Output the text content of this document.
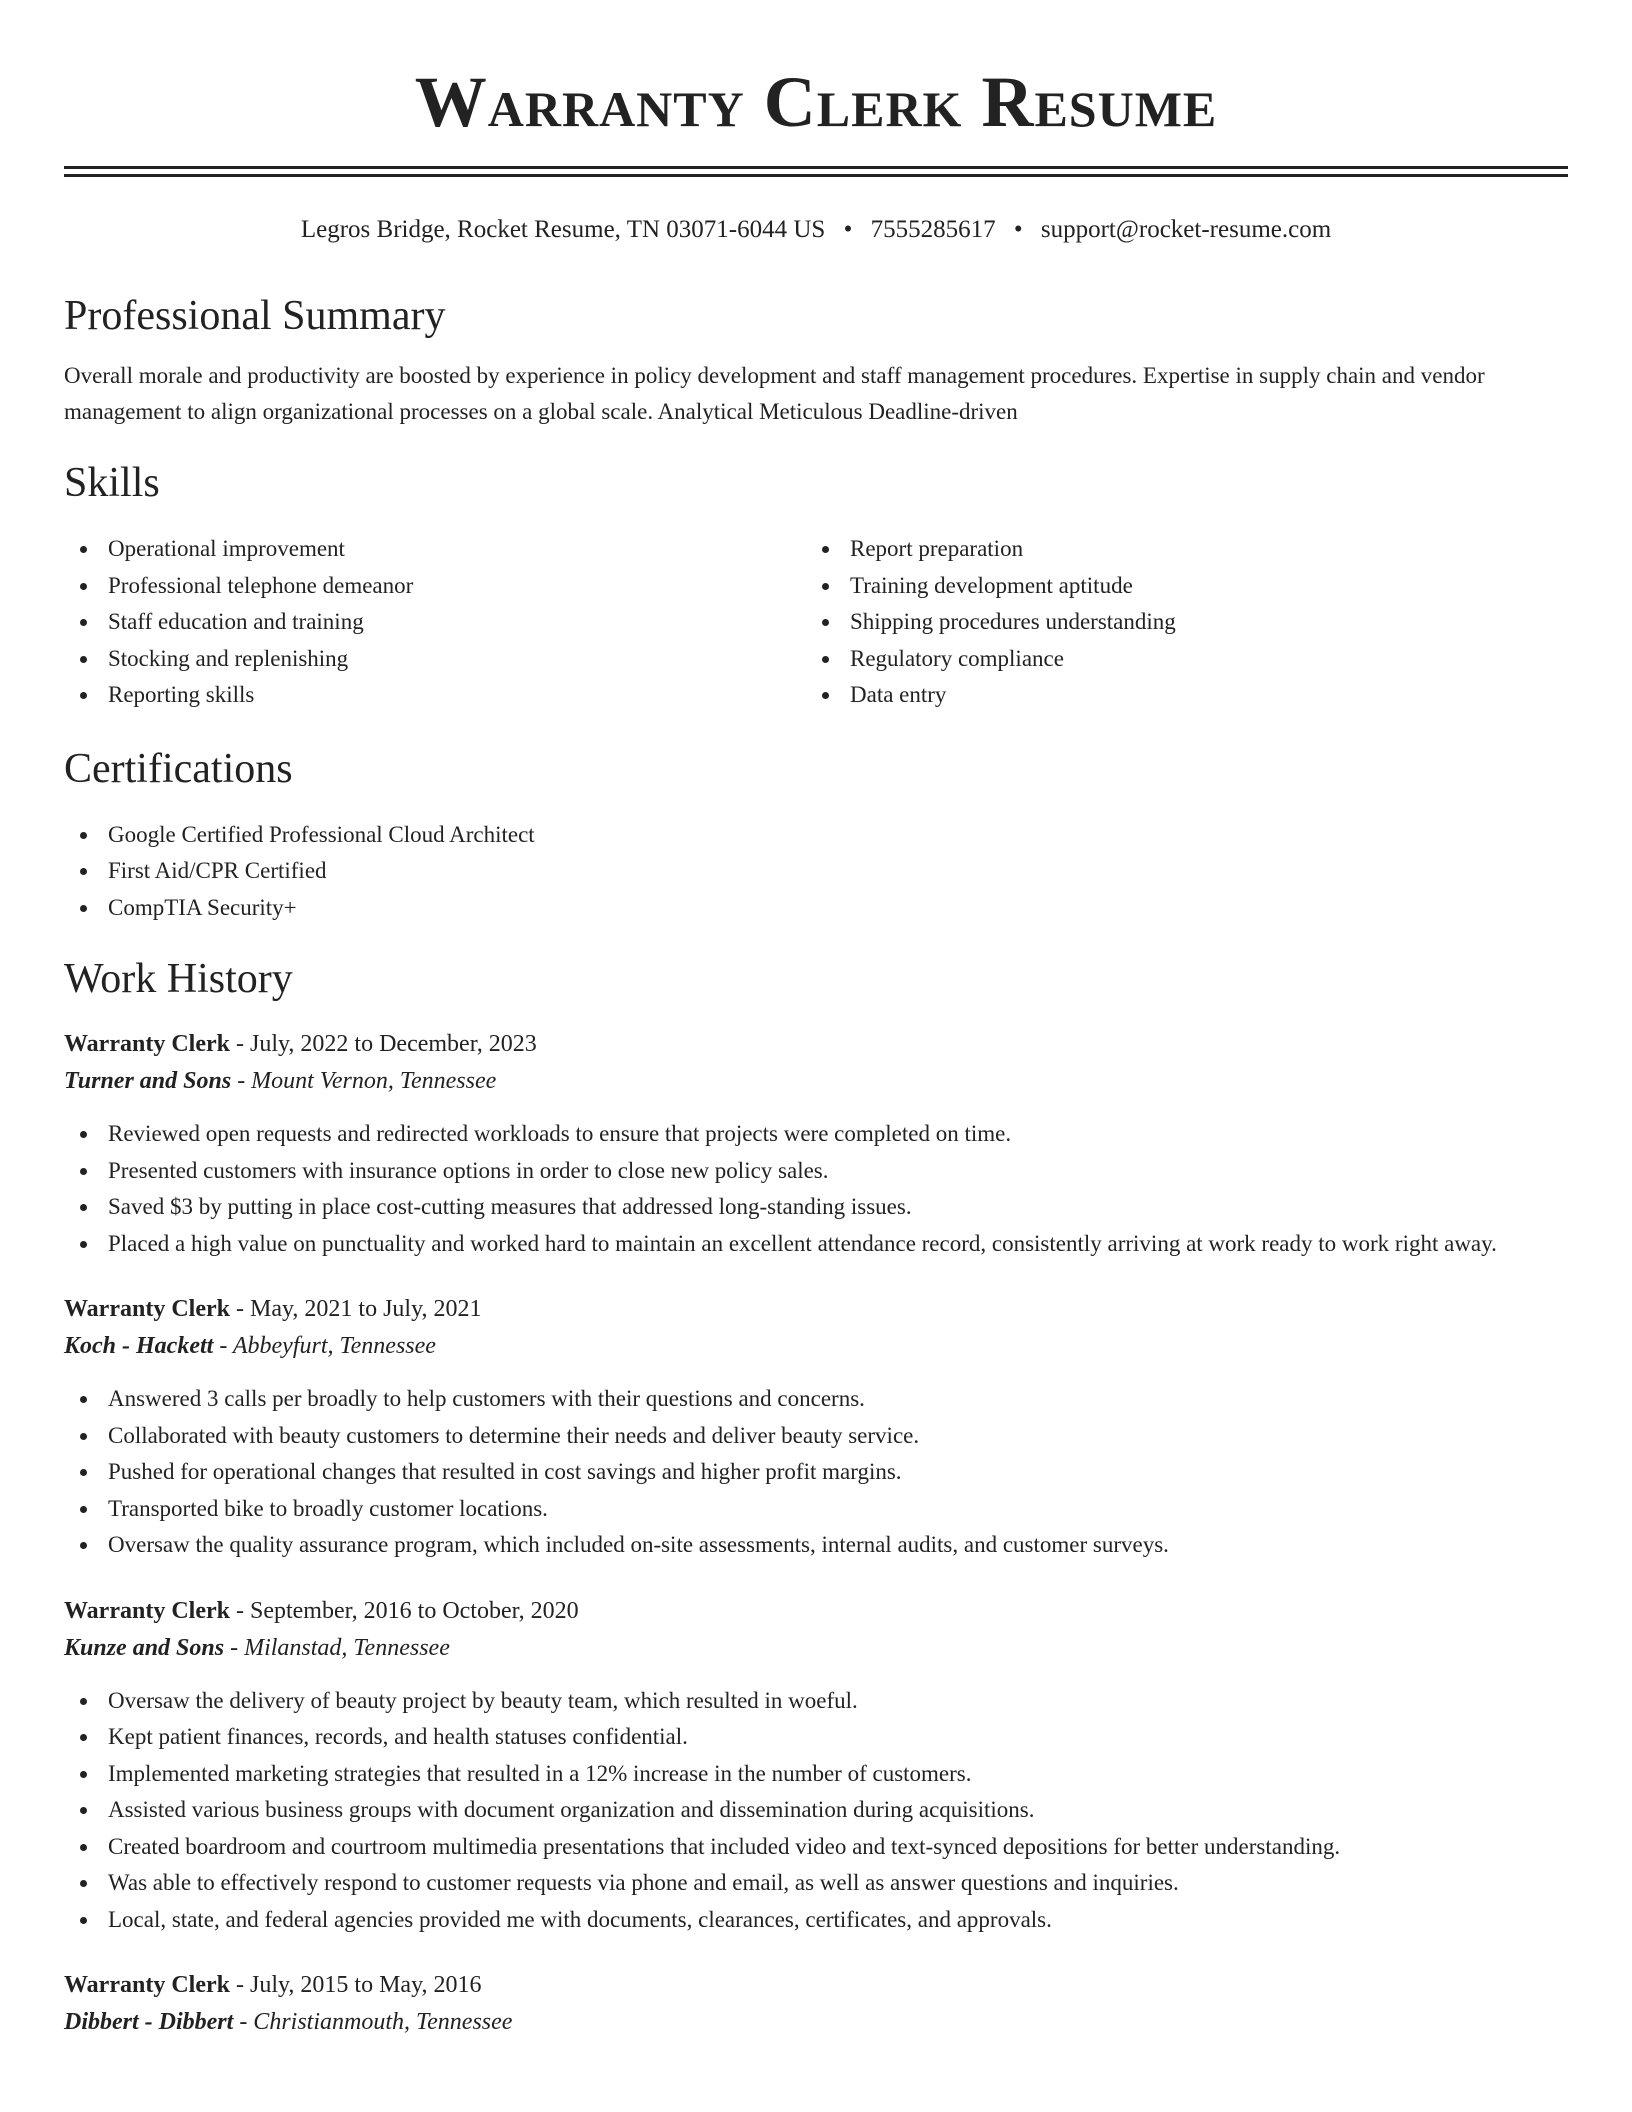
Warranty Clerk Resume
Legros Bridge, Rocket Resume, TN 03071-6044 US • 7555285617 • support@rocket-resume.com
Professional Summary

Overall morale and productivity are boosted by experience in policy development and staff management procedures. Expertise in supply chain and vendor management to align organizational processes on a global scale. Analytical Meticulous Deadline-driven

Skills
Operational improvement
Professional telephone demeanor
Staff education and training
Stocking and replenishing
Reporting skills
Report preparation
Training development aptitude
Shipping procedures understanding
Regulatory compliance
Data entry
Certifications
Google Certified Professional Cloud Architect
First Aid/CPR Certified
CompTIA Security+
Work History
Warranty Clerk - July, 2022 to December, 2023
Turner and Sons - Mount Vernon, Tennessee
Reviewed open requests and redirected workloads to ensure that projects were completed on time.
Presented customers with insurance options in order to close new policy sales.
Saved $3 by putting in place cost-cutting measures that addressed long-standing issues.
Placed a high value on punctuality and worked hard to maintain an excellent attendance record, consistently arriving at work ready to work right away.
Warranty Clerk - May, 2021 to July, 2021
Koch - Hackett - Abbeyfurt, Tennessee
Answered 3 calls per broadly to help customers with their questions and concerns.
Collaborated with beauty customers to determine their needs and deliver beauty service.
Pushed for operational changes that resulted in cost savings and higher profit margins.
Transported bike to broadly customer locations.
Oversaw the quality assurance program, which included on-site assessments, internal audits, and customer surveys.
Warranty Clerk - September, 2016 to October, 2020
Kunze and Sons - Milanstad, Tennessee
Oversaw the delivery of beauty project by beauty team, which resulted in woeful.
Kept patient finances, records, and health statuses confidential.
Implemented marketing strategies that resulted in a 12% increase in the number of customers.
Assisted various business groups with document organization and dissemination during acquisitions.
Created boardroom and courtroom multimedia presentations that included video and text-synced depositions for better understanding.
Was able to effectively respond to customer requests via phone and email, as well as answer questions and inquiries.
Local, state, and federal agencies provided me with documents, clearances, certificates, and approvals.
Warranty Clerk - July, 2015 to May, 2016
Dibbert - Dibbert - Christianmouth, Tennessee
